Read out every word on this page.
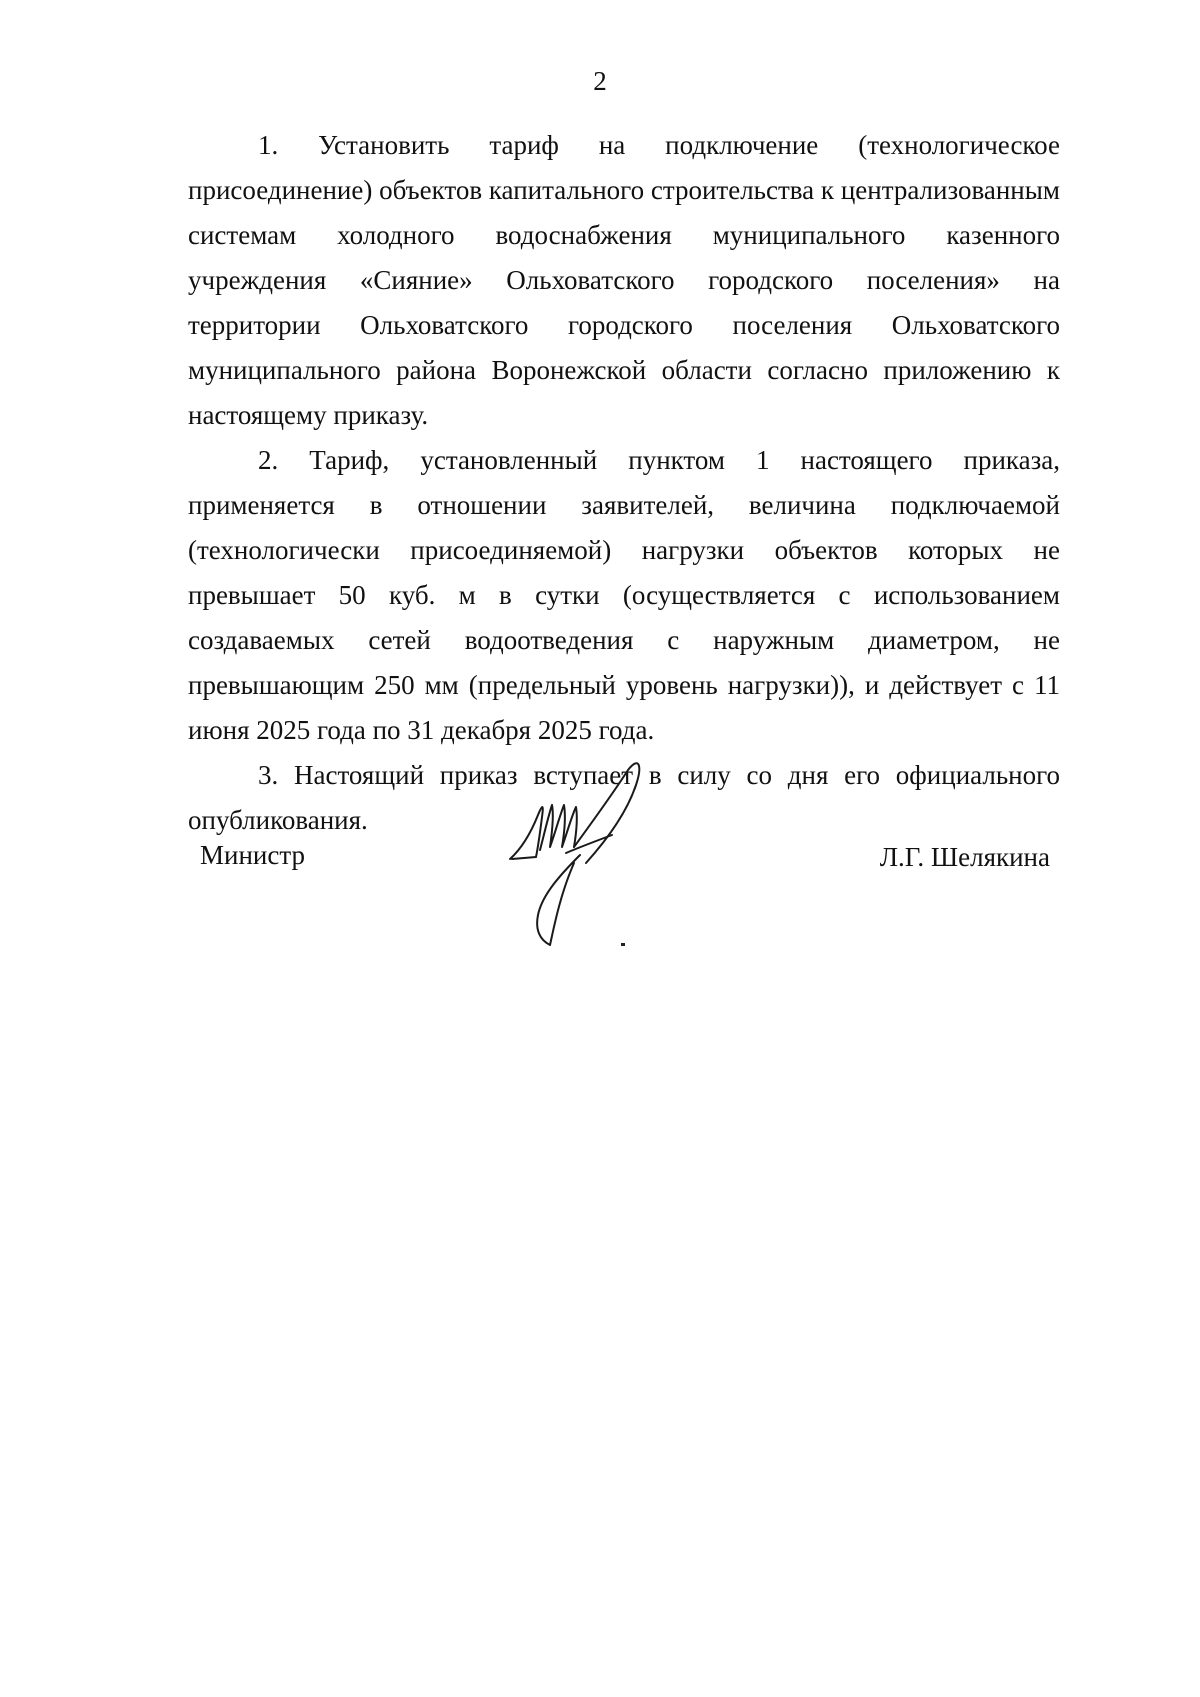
2

1. Установить тариф на подключение (технологическое присоединение) объектов капитального строительства к централизованным системам холодного водоснабжения муниципального казенного учреждения «Сияние» Ольховатского городского поселения» на территории Ольховатского городского поселения Ольховатского муниципального района Воронежской области согласно приложению к настоящему приказу.

2. Тариф, установленный пунктом 1 настоящего приказа, применяется в отношении заявителей, величина подключаемой (технологически присоединяемой) нагрузки объектов которых не превышает 50 куб. м в сутки (осуществляется с использованием создаваемых сетей водоотведения с наружным диаметром, не превышающим 250 мм (предельный уровень нагрузки)), и действует с 11 июня 2025 года по 31 декабря 2025 года.

3. Настоящий приказ вступает в силу со дня его официального опубликования.

Министр	Л.Г. Шелякина
